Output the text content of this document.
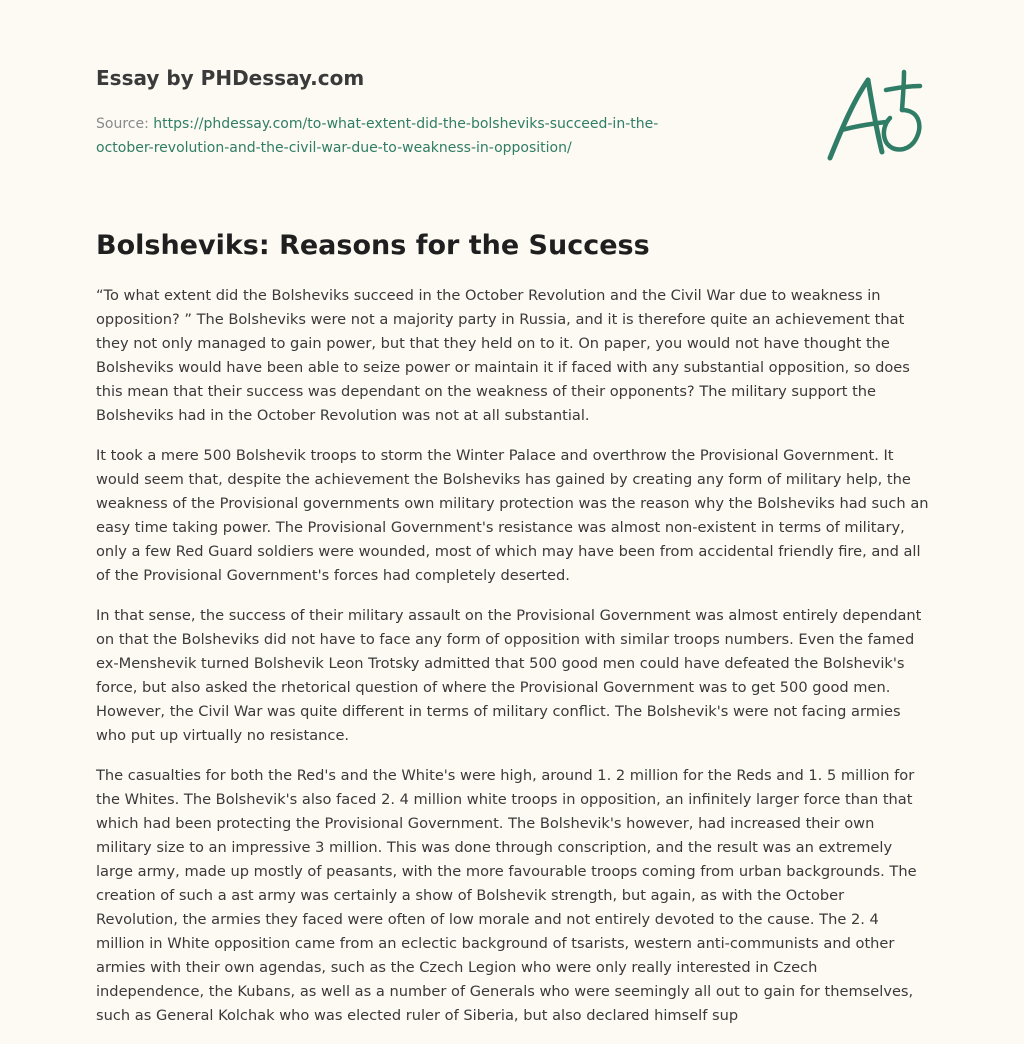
Essay by PHDessay.com
Source: https://phdessay.com/to-what-extent-did-the-bolsheviks-succeed-in-the-
october-revolution-and-the-civil-war-due-to-weakness-in-opposition/
Bolsheviks: Reasons for the Success

“To what extent did the Bolsheviks succeed in the October Revolution and the Civil War due to weakness in opposition? ” The Bolsheviks were not a majority party in Russia, and it is therefore quite an achievement that they not only managed to gain power, but that they held on to it. On paper, you would not have thought the Bolsheviks would have been able to seize power or maintain it if faced with any substantial opposition, so does this mean that their success was dependant on the weakness of their opponents? The military support the Bolsheviks had in the October Revolution was not at all substantial.

It took a mere 500 Bolshevik troops to storm the Winter Palace and overthrow the Provisional Government. It would seem that, despite the achievement the Bolsheviks has gained by creating any form of military help, the weakness of the Provisional governments own military protection was the reason why the Bolsheviks had such an easy time taking power. The Provisional Government's resistance was almost non-existent in terms of military, only a few Red Guard soldiers were wounded, most of which may have been from accidental friendly fire, and all of the Provisional Government's forces had completely deserted.

In that sense, the success of their military assault on the Provisional Government was almost entirely dependant on that the Bolsheviks did not have to face any form of opposition with similar troops numbers. Even the famed ex-Menshevik turned Bolshevik Leon Trotsky admitted that 500 good men could have defeated the Bolshevik's force, but also asked the rhetorical question of where the Provisional Government was to get 500 good men. However, the Civil War was quite different in terms of military conflict. The Bolshevik's were not facing armies who put up virtually no resistance.

The casualties for both the Red's and the White's were high, around 1. 2 million for the Reds and 1. 5 million for the Whites. The Bolshevik's also faced 2. 4 million white troops in opposition, an infinitely larger force than that which had been protecting the Provisional Government. The Bolshevik's however, had increased their own military size to an impressive 3 million. This was done through conscription, and the result was an extremely large army, made up mostly of peasants, with the more favourable troops coming from urban backgrounds. The creation of such a ast army was certainly a show of Bolshevik strength, but again, as with the October Revolution, the armies they faced were often of low morale and not entirely devoted to the cause. The 2. 4 million in White opposition came from an eclectic background of tsarists, western anti-communists and other armies with their own agendas, such as the Czech Legion who were only really interested in Czech independence, the Kubans, as well as a number of Generals who were seemingly all out to gain for themselves, such as General Kolchak who was elected ruler of Siberia, but also declared himself sup
